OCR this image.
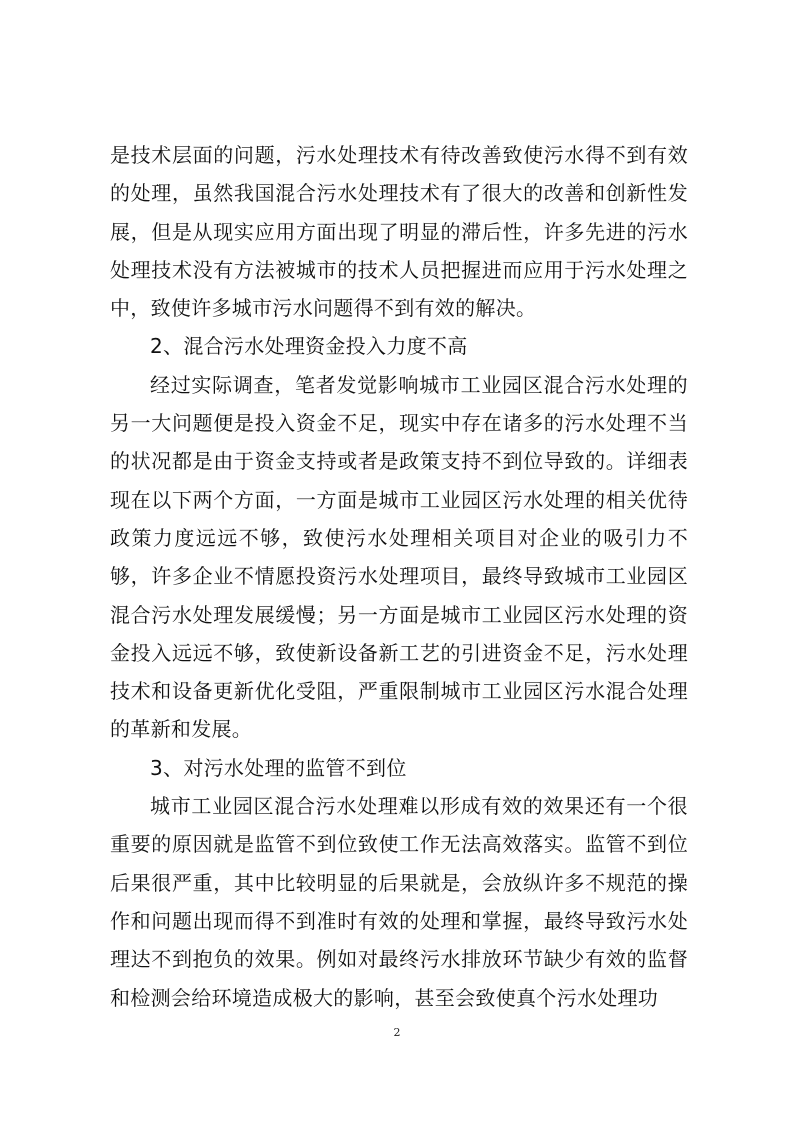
是技术层面的问题，污水处理技术有待改善致使污水得不到有效的处理，虽然我国混合污水处理技术有了很大的改善和创新性发展，但是从现实应用方面出现了明显的滞后性，许多先进的污水处理技术没有方法被城市的技术人员把握进而应用于污水处理之中，致使许多城市污水问题得不到有效的解决。

2、混合污水处理资金投入力度不高

经过实际调查，笔者发觉影响城市工业园区混合污水处理的另一大问题便是投入资金不足，现实中存在诸多的污水处理不当的状况都是由于资金支持或者是政策支持不到位导致的。详细表现在以下两个方面，一方面是城市工业园区污水处理的相关优待政策力度远远不够，致使污水处理相关项目对企业的吸引力不够，许多企业不情愿投资污水处理项目，最终导致城市工业园区混合污水处理发展缓慢；另一方面是城市工业园区污水处理的资金投入远远不够，致使新设备新工艺的引进资金不足，污水处理技术和设备更新优化受阻，严重限制城市工业园区污水混合处理的革新和发展。

3、对污水处理的监管不到位

城市工业园区混合污水处理难以形成有效的效果还有一个很重要的原因就是监管不到位致使工作无法高效落实。监管不到位后果很严重，其中比较明显的后果就是，会放纵许多不规范的操作和问题出现而得不到准时有效的处理和掌握，最终导致污水处理达不到抱负的效果。例如对最终污水排放环节缺少有效的监督和检测会给环境造成极大的影响，甚至会致使真个污水处理功

2
